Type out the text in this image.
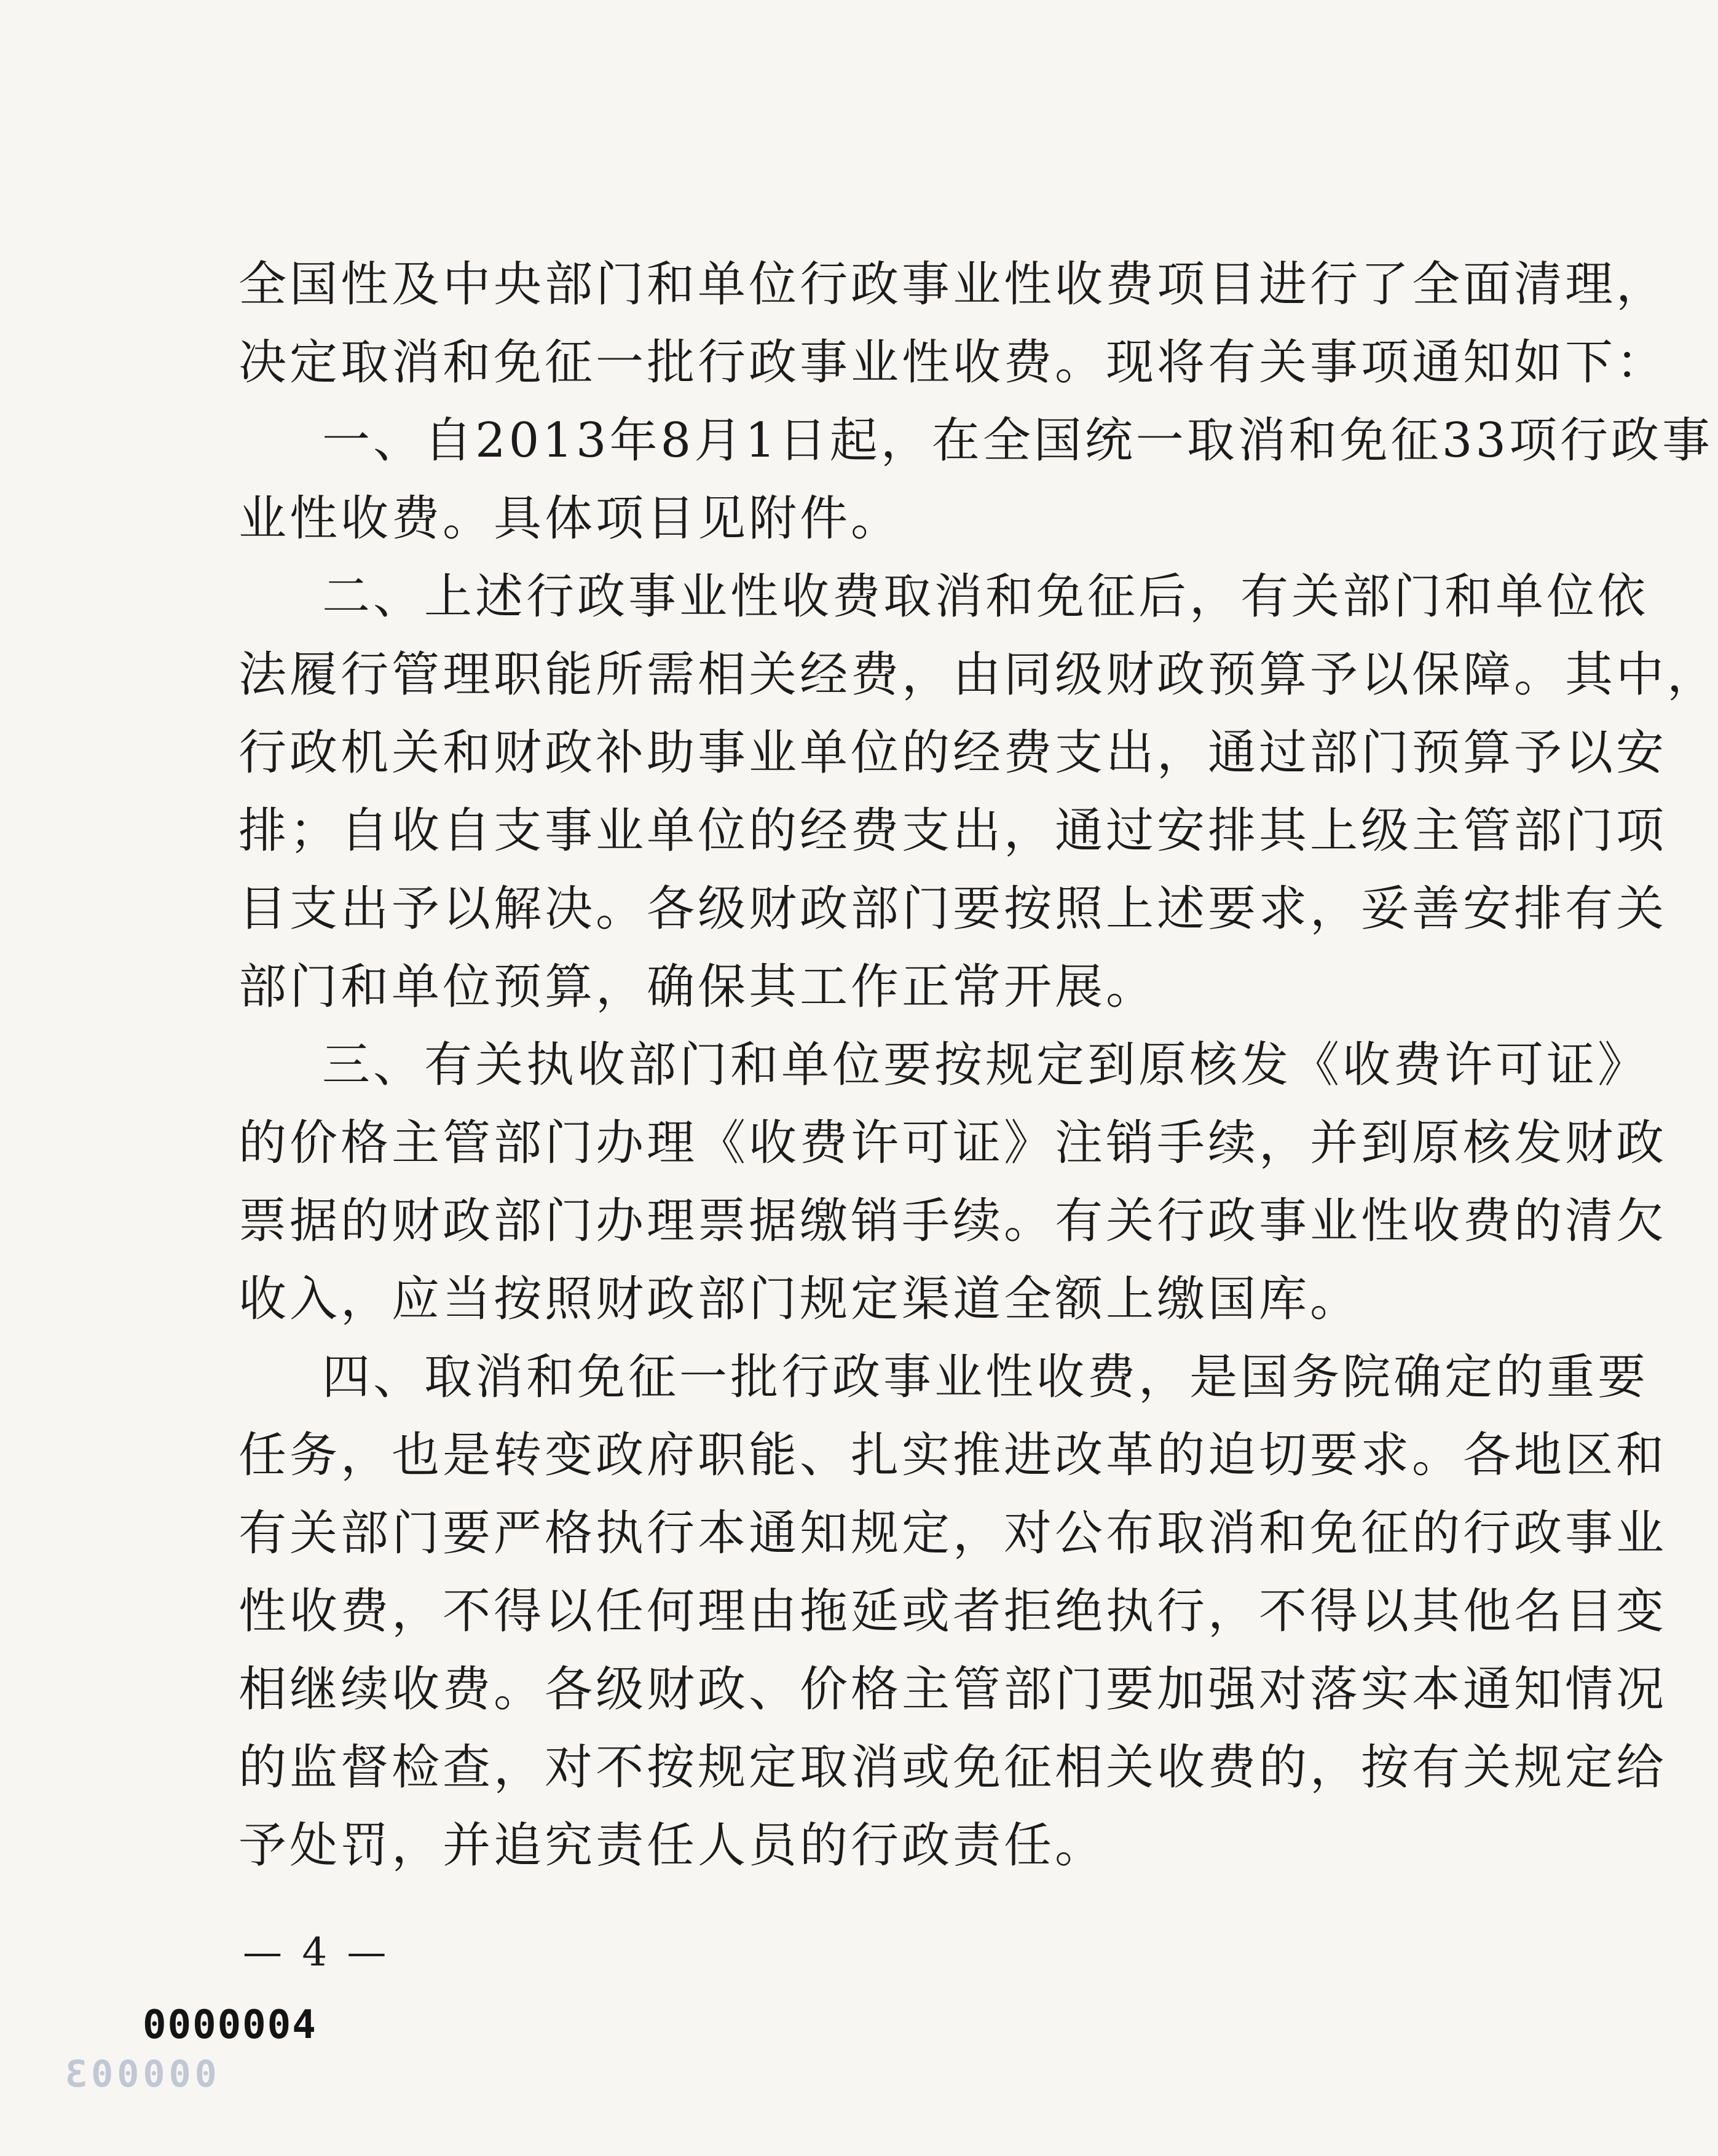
全国性及中央部门和单位行政事业性收费项目进行了全面清理，
决定取消和免征一批行政事业性收费。现将有关事项通知如下：
一、自2013年8月1日起，在全国统一取消和免征33项行政事
业性收费。具体项目见附件。
二、上述行政事业性收费取消和免征后，有关部门和单位依
法履行管理职能所需相关经费，由同级财政预算予以保障。其中，
行政机关和财政补助事业单位的经费支出，通过部门预算予以安
排；自收自支事业单位的经费支出，通过安排其上级主管部门项
目支出予以解决。各级财政部门要按照上述要求，妥善安排有关
部门和单位预算，确保其工作正常开展。
三、有关执收部门和单位要按规定到原核发《收费许可证》
的价格主管部门办理《收费许可证》注销手续，并到原核发财政
票据的财政部门办理票据缴销手续。有关行政事业性收费的清欠
收入，应当按照财政部门规定渠道全额上缴国库。
四、取消和免征一批行政事业性收费，是国务院确定的重要
任务，也是转变政府职能、扎实推进改革的迫切要求。各地区和
有关部门要严格执行本通知规定，对公布取消和免征的行政事业
性收费，不得以任何理由拖延或者拒绝执行，不得以其他名目变
相继续收费。各级财政、价格主管部门要加强对落实本通知情况
的监督检查，对不按规定取消或免征相关收费的，按有关规定给
予处罚，并追究责任人员的行政责任。
— 4 —
0000004
000003
